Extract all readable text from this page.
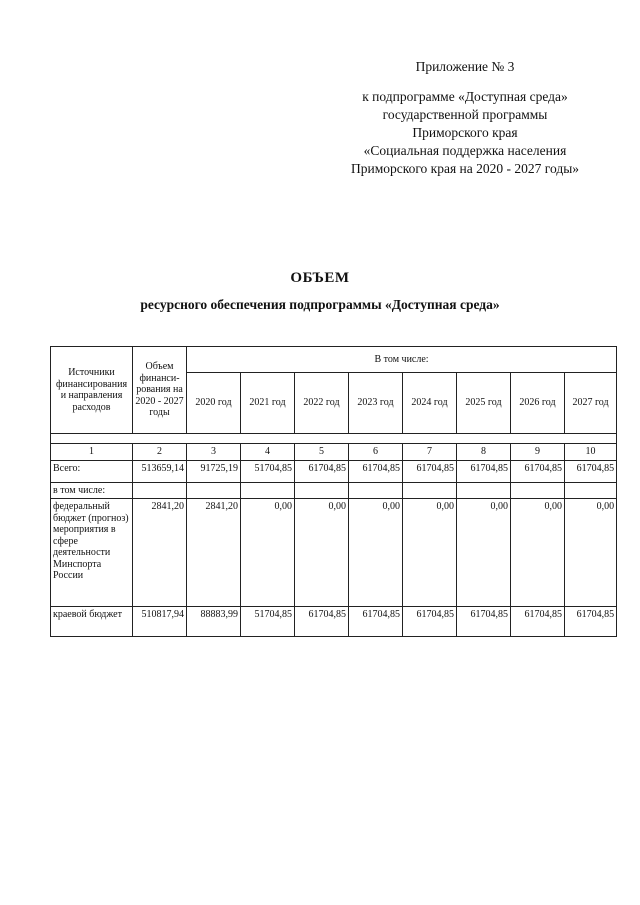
Приложение № 3
к подпрограмме «Доступная среда»
государственной программы
Приморского края
«Социальная поддержка населения
Приморского края на 2020 - 2027 годы»
ОБЪЕМ
ресурсного обеспечения подпрограммы «Доступная среда»
Источники финансирования и направления расходов	Объем финанси-рования на 2020 - 2027 годы	В том числе:							
		2020 год	2021 год	2022 год	2023 год	2024 год	2025 год	2026 год	2027 год

1	2	3	4	5	6	7	8	9	10
Всего:	513659,14	91725,19	51704,85	61704,85	61704,85	61704,85	61704,85	61704,85	61704,85
в том числе:									
федеральный бюджет (прогноз) мероприятия в сфере деятельности Минспорта России	2841,20	2841,20	0,00	0,00	0,00	0,00	0,00	0,00	0,00
краевой бюджет	510817,94	88883,99	51704,85	61704,85	61704,85	61704,85	61704,85	61704,85	61704,85
